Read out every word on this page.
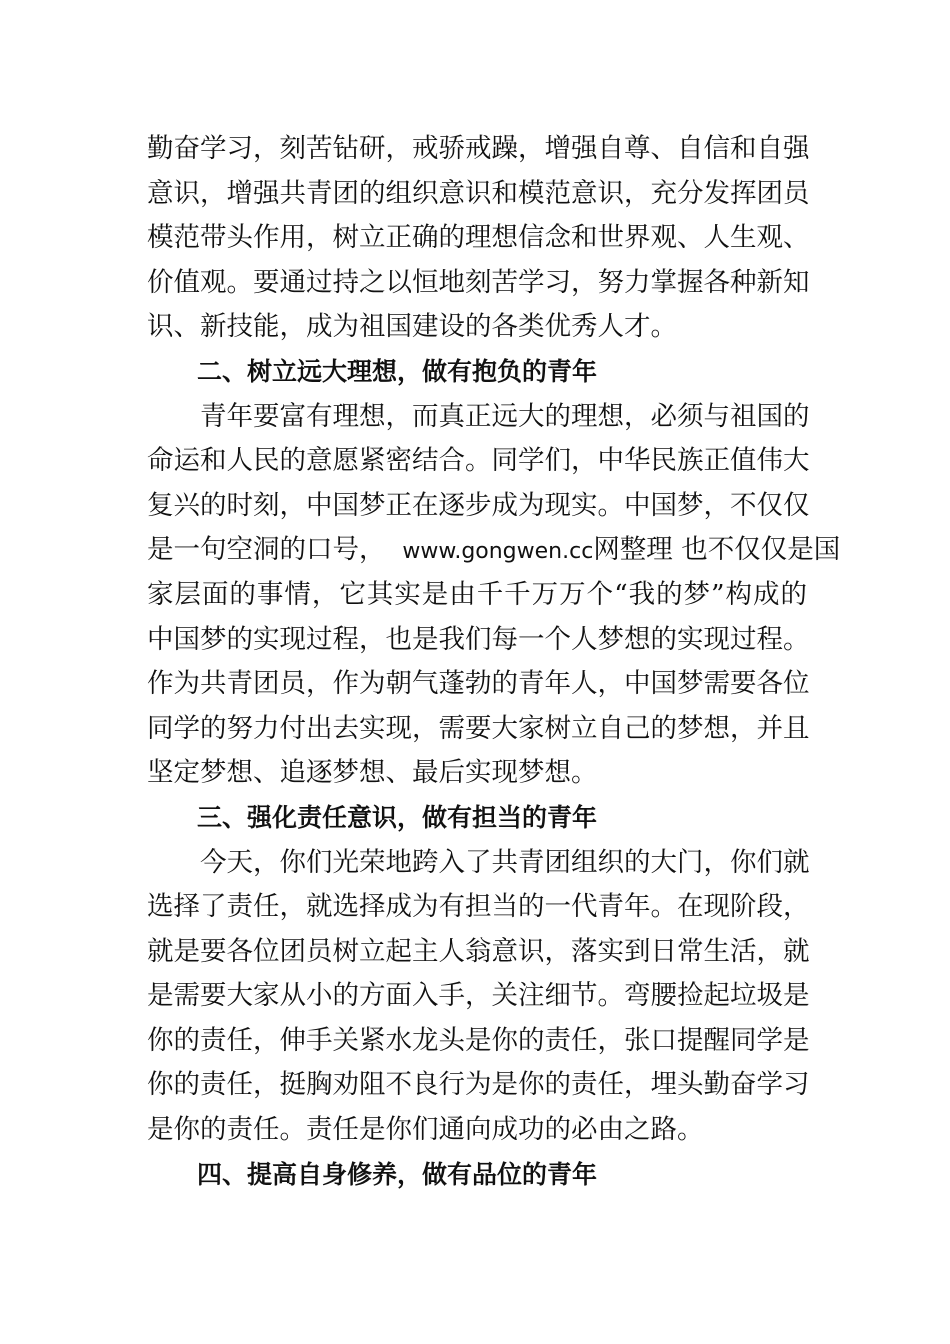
勤奋学习，刻苦钻研，戒骄戒躁，增强自尊、自信和自强
意识，增强共青团的组织意识和模范意识，充分发挥团员
模范带头作用，树立正确的理想信念和世界观、人生观、
价值观。要通过持之以恒地刻苦学习，努力掌握各种新知
识、新技能，成为祖国建设的各类优秀人才。
二、树立远大理想，做有抱负的青年
青年要富有理想，而真正远大的理想，必须与祖国的
命运和人民的意愿紧密结合。同学们，中华民族正值伟大
复兴的时刻，中国梦正在逐步成为现实。中国梦，不仅仅
是一句空洞的口号， www.gongwen.cc网整理 也不仅仅是国
家层面的事情，它其实是由千千万万个“我的梦”构成的
中国梦的实现过程，也是我们每一个人梦想的实现过程。
作为共青团员，作为朝气蓬勃的青年人，中国梦需要各位
同学的努力付出去实现，需要大家树立自己的梦想，并且
坚定梦想、追逐梦想、最后实现梦想。
三、强化责任意识，做有担当的青年
今天，你们光荣地跨入了共青团组织的大门，你们就
选择了责任，就选择成为有担当的一代青年。在现阶段，
就是要各位团员树立起主人翁意识，落实到日常生活，就
是需要大家从小的方面入手，关注细节。弯腰捡起垃圾是
你的责任，伸手关紧水龙头是你的责任，张口提醒同学是
你的责任，挺胸劝阻不良行为是你的责任，埋头勤奋学习
是你的责任。责任是你们通向成功的必由之路。
四、提高自身修养，做有品位的青年
